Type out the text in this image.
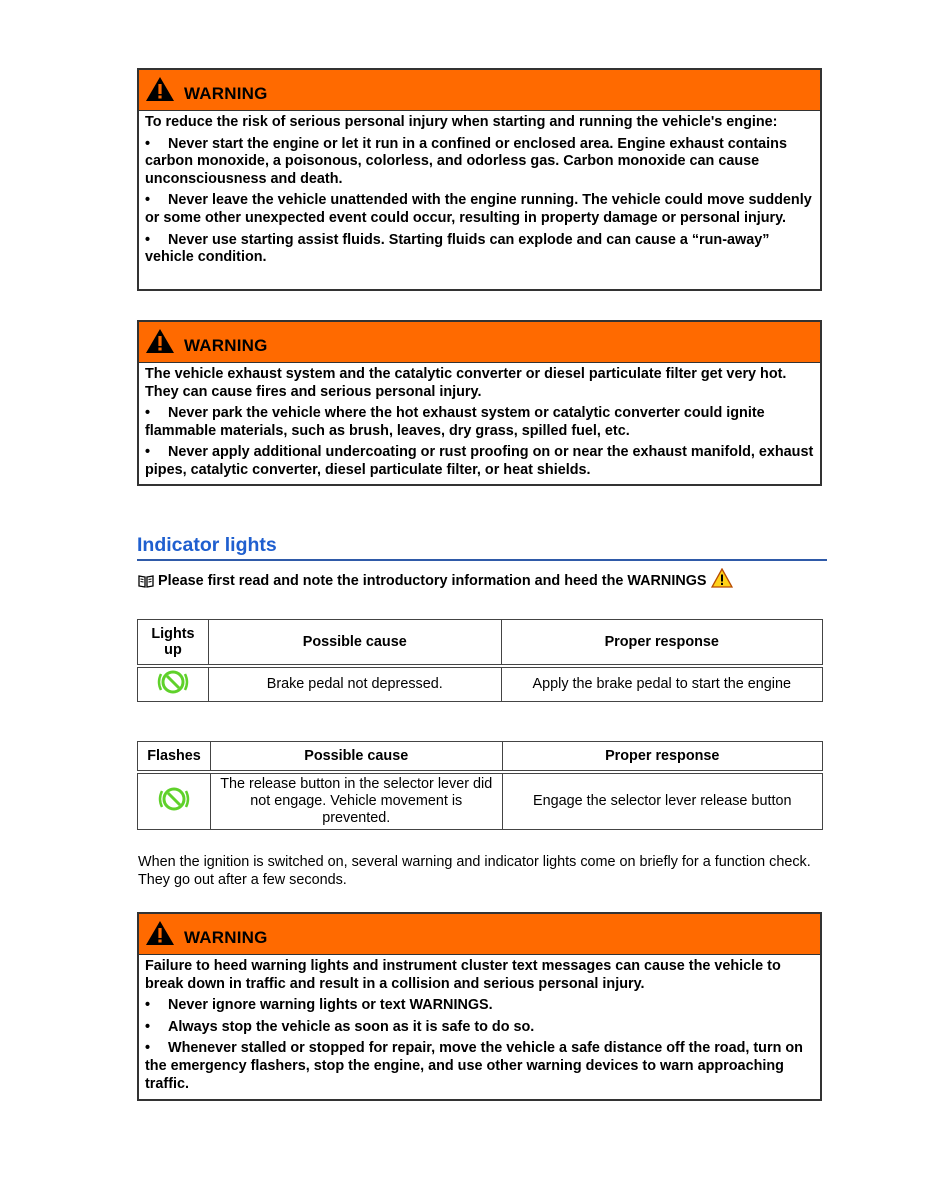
WARNING

To reduce the risk of serious personal injury when starting and running the vehicle's engine:

• Never start the engine or let it run in a confined or enclosed area. Engine exhaust contains carbon monoxide, a poisonous, colorless, and odorless gas. Carbon monoxide can cause unconsciousness and death.

• Never leave the vehicle unattended with the engine running. The vehicle could move suddenly or some other unexpected event could occur, resulting in property damage or personal injury.

• Never use starting assist fluids. Starting fluids can explode and can cause a “run-away” vehicle condition.

WARNING

The vehicle exhaust system and the catalytic converter or diesel particulate filter get very hot. They can cause fires and serious personal injury.

• Never park the vehicle where the hot exhaust system or catalytic converter could ignite flammable materials, such as brush, leaves, dry grass, spilled fuel, etc.

• Never apply additional undercoating or rust proofing on or near the exhaust manifold, exhaust pipes, catalytic converter, diesel particulate filter, or heat shields.

Indicator lights
Please first read and note the introductory information and heed the WARNINGS
Lights up	Possible cause	Proper response
	Brake pedal not depressed.	Apply the brake pedal to start the engine
Flashes	Possible cause	Proper response
	The release button in the selector lever did not engage. Vehicle movement is prevented.	Engage the selector lever release button
When the ignition is switched on, several warning and indicator lights come on briefly for a function check. They go out after a few seconds.
WARNING

Failure to heed warning lights and instrument cluster text messages can cause the vehicle to break down in traffic and result in a collision and serious personal injury.

• Never ignore warning lights or text WARNINGS.

• Always stop the vehicle as soon as it is safe to do so.

• Whenever stalled or stopped for repair, move the vehicle a safe distance off the road, turn on the emergency flashers, stop the engine, and use other warning devices to warn approaching traffic.
